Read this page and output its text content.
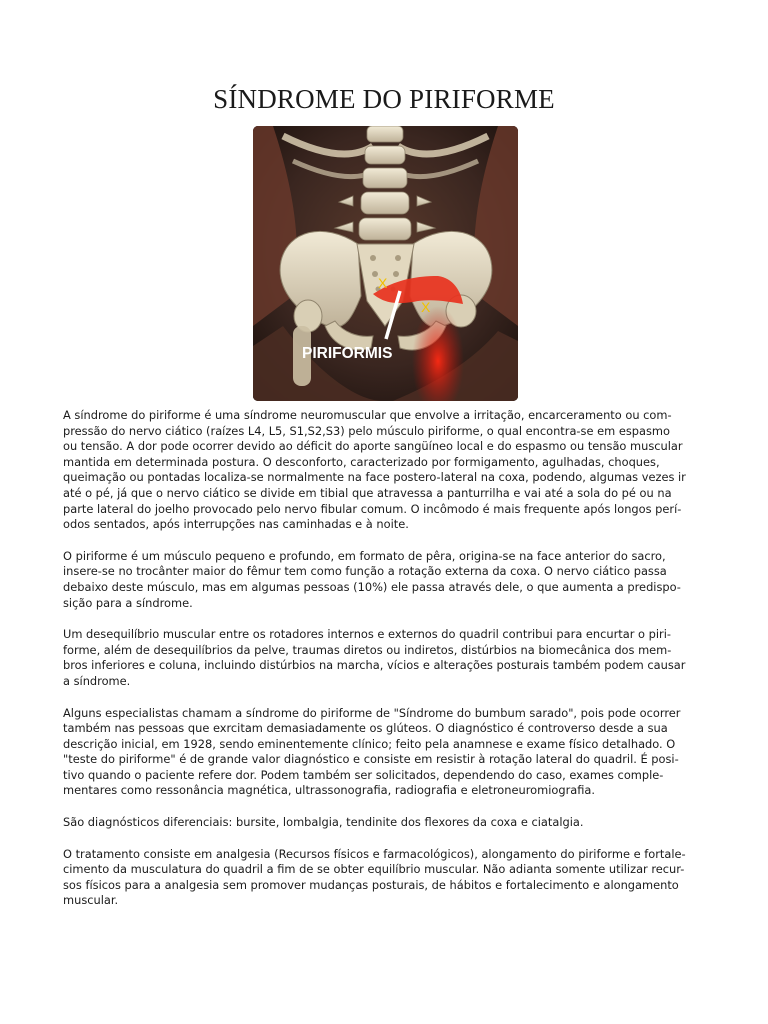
SÍNDROME DO PIRIFORME
X
X
PIRIFORMIS

A síndrome do piriforme é uma síndrome neuromuscular que envolve a irritação, encarceramento ou com-
pressão do nervo ciático (raízes L4, L5, S1,S2,S3) pelo músculo piriforme, o qual encontra-se em espasmo
ou tensão. A dor pode ocorrer devido ao déficit do aporte sangüíneo local e do espasmo ou tensão muscular
mantida em determinada postura. O desconforto, caracterizado por formigamento, agulhadas, choques,
queimação ou pontadas localiza-se normalmente na face postero-lateral na coxa, podendo, algumas vezes ir
até o pé, já que o nervo ciático se divide em tibial que atravessa a panturrilha e vai até a sola do pé ou na
parte lateral do joelho provocado pelo nervo fibular comum. O incômodo é mais frequente após longos perí-
odos sentados, após interrupções nas caminhadas e à noite.

O piriforme é um músculo pequeno e profundo, em formato de pêra, origina-se na face anterior do sacro,
insere-se no trocânter maior do fêmur tem como função a rotação externa da coxa. O nervo ciático passa
debaixo deste músculo, mas em algumas pessoas (10%) ele passa através dele, o que aumenta a predispo-
sição para a síndrome.

Um desequilíbrio muscular entre os rotadores internos e externos do quadril contribui para encurtar o piri-
forme, além de desequilíbrios da pelve, traumas diretos ou indiretos, distúrbios na biomecânica dos mem-
bros inferiores e coluna, incluindo distúrbios na marcha, vícios e alterações posturais também podem causar
a síndrome.

Alguns especialistas chamam a síndrome do piriforme de "Síndrome do bumbum sarado", pois pode ocorrer
também nas pessoas que exrcitam demasiadamente os glúteos. O diagnóstico é controverso desde a sua
descrição inicial, em 1928, sendo eminentemente clínico; feito pela anamnese e exame físico detalhado. O
"teste do piriforme" é de grande valor diagnóstico e consiste em resistir à rotação lateral do quadril. É posi-
tivo quando o paciente refere dor. Podem também ser solicitados, dependendo do caso, exames comple-
mentares como ressonância magnética, ultrassonografia, radiografia e eletroneuromiografia.

São diagnósticos diferenciais: bursite, lombalgia, tendinite dos flexores da coxa e ciatalgia.

O tratamento consiste em analgesia (Recursos físicos e farmacológicos), alongamento do piriforme e fortale-
cimento da musculatura do quadril a fim de se obter equilíbrio muscular. Não adianta somente utilizar recur-
sos físicos para a analgesia sem promover mudanças posturais, de hábitos e fortalecimento e alongamento
muscular.
